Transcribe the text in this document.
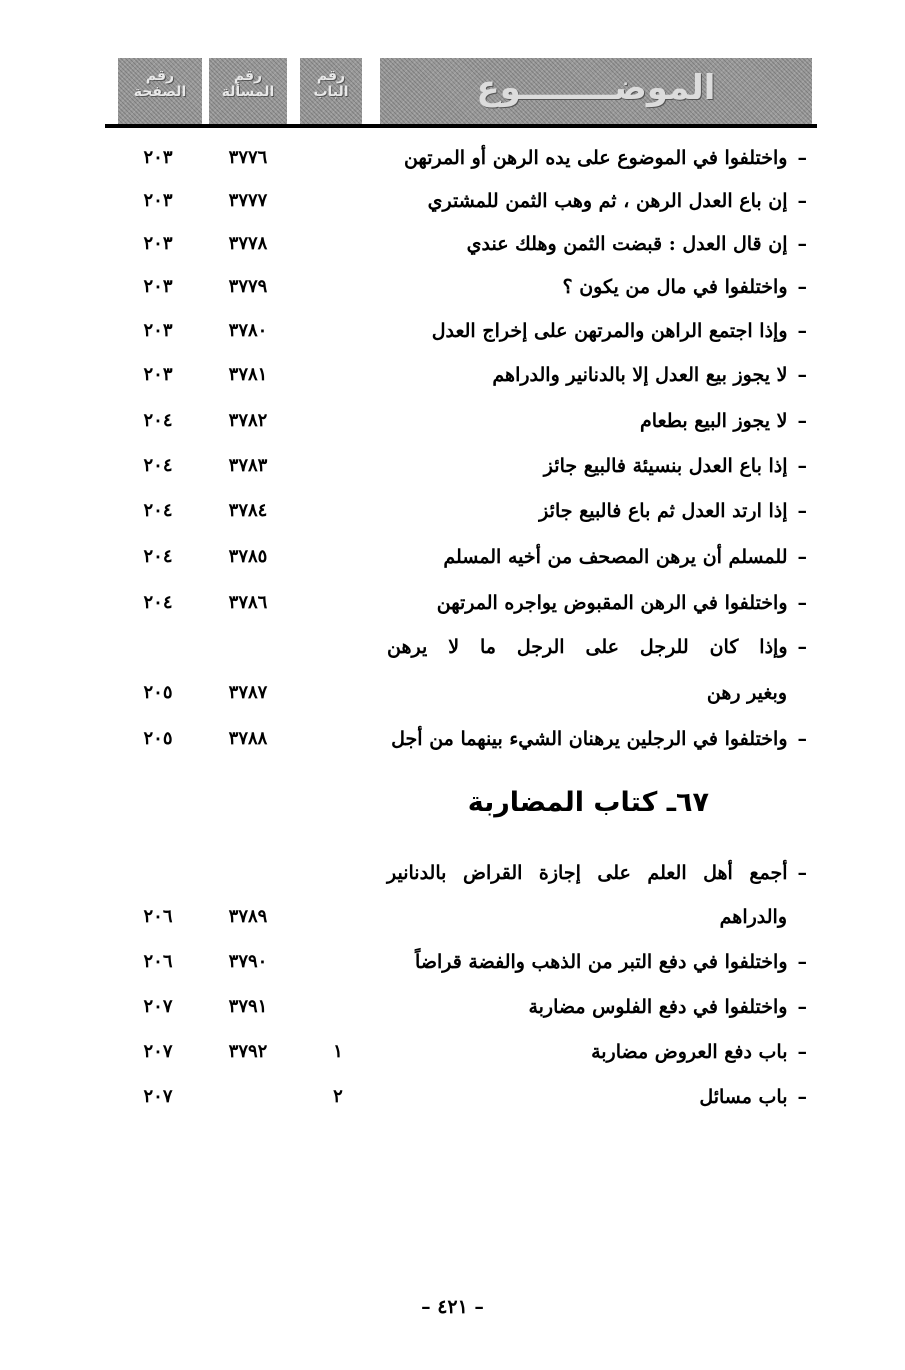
رقم الصفحة
رقم المسألة
رقم الباب	الموضــــــــوع
–واختلفوا في الموضوع على يده الرهن أو المرتهن
٣٧٧٦
٢٠٣
–إن باع العدل الرهن ، ثم وهب الثمن للمشتري
٣٧٧٧
٢٠٣
–إن قال العدل : قبضت الثمن وهلك عندي
٣٧٧٨
٢٠٣
–واختلفوا في مال من يكون ؟
٣٧٧٩
٢٠٣
–وإذا اجتمع الراهن والمرتهن على إخراج العدل
٣٧٨٠
٢٠٣
–لا يجوز بيع العدل إلا بالدنانير والدراهم
٣٧٨١
٢٠٣
–لا يجوز البيع بطعام
٣٧٨٢
٢٠٤
–إذا باع العدل بنسيئة فالبيع جائز
٣٧٨٣
٢٠٤
–إذا ارتد العدل ثم باع فالبيع جائز
٣٧٨٤
٢٠٤
–للمسلم أن يرهن المصحف من أخيه المسلم
٣٧٨٥
٢٠٤
–واختلفوا في الرهن المقبوض يواجره المرتهن
٣٧٨٦
٢٠٤
–وإذا كان للرجل على الرجل ما لا يرهن
وبغير رهن
٣٧٨٧
٢٠٥
–واختلفوا في الرجلين يرهنان الشيء بينهما من أجل
٣٧٨٨
٢٠٥
٦٧ـ كتاب المضاربة
–أجمع أهل العلم على إجازة القراض بالدنانير
والدراهم
٣٧٨٩
٢٠٦
–واختلفوا في دفع التبر من الذهب والفضة قراضاً
٣٧٩٠
٢٠٦
–واختلفوا في دفع الفلوس مضاربة
٣٧٩١
٢٠٧
–باب دفع العروض مضاربة
١
٣٧٩٢
٢٠٧
–باب مسائل
٢
٢٠٧
– ٤٢١ –
